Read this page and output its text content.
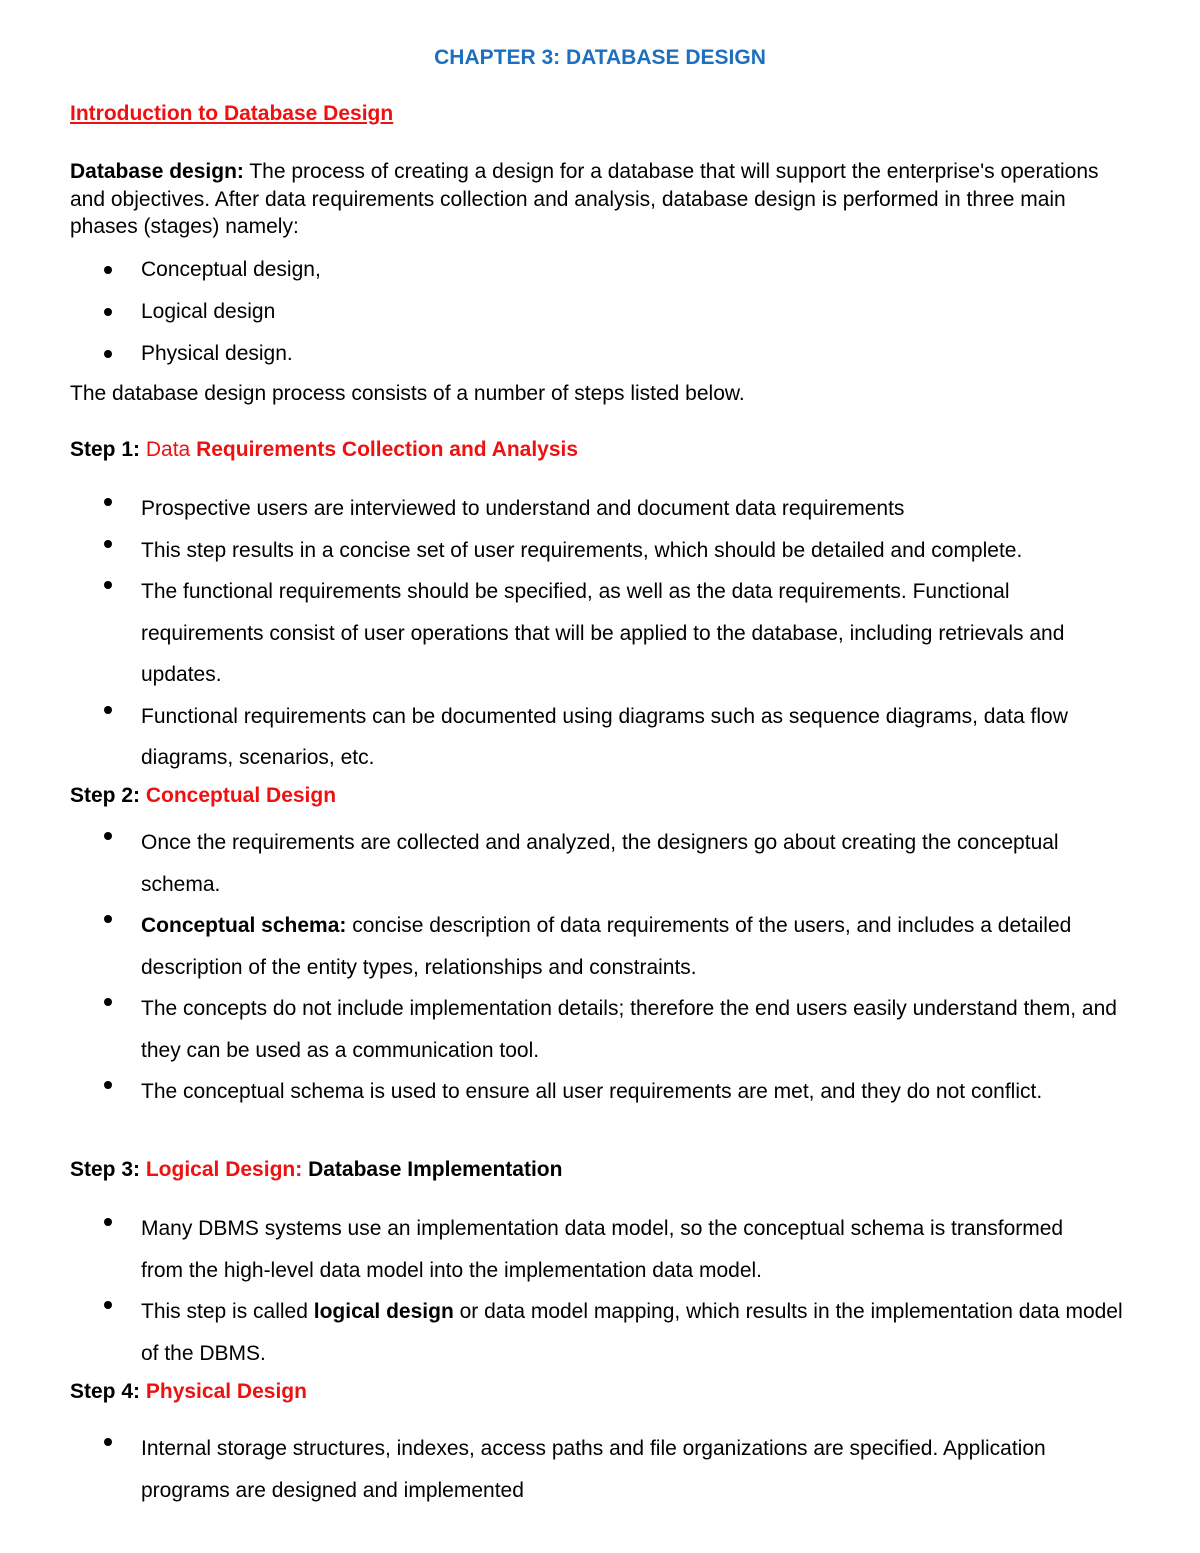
CHAPTER 3: DATABASE DESIGN
Introduction to Database Design

Database design: The process of creating a design for a database that will support the enterprise's operations and objectives. After data requirements collection and analysis, database design is performed in three main phases (stages) namely:

Conceptual design,
Logical design
Physical design.

The database design process consists of a number of steps listed below.

Step 1: Data Requirements Collection and Analysis

Prospective users are interviewed to understand and document data requirements
This step results in a concise set of user requirements, which should be detailed and complete.
The functional requirements should be specified, as well as the data requirements. Functional requirements consist of user operations that will be applied to the database, including retrievals and updates.
Functional requirements can be documented using diagrams such as sequence diagrams, data flow diagrams, scenarios, etc.

Step 2: Conceptual Design

Once the requirements are collected and analyzed, the designers go about creating the conceptual schema.
Conceptual schema: concise description of data requirements of the users, and includes a detailed description of the entity types, relationships and constraints.
The concepts do not include implementation details; therefore the end users easily understand them, and they can be used as a communication tool.
The conceptual schema is used to ensure all user requirements are met, and they do not conflict.

Step 3: Logical Design: Database Implementation

Many DBMS systems use an implementation data model, so the conceptual schema is transformed from the high-level data model into the implementation data model.
This step is called logical design or data model mapping, which results in the implementation data model of the DBMS.

Step 4: Physical Design

Internal storage structures, indexes, access paths and file organizations are specified. Application programs are designed and implemented
